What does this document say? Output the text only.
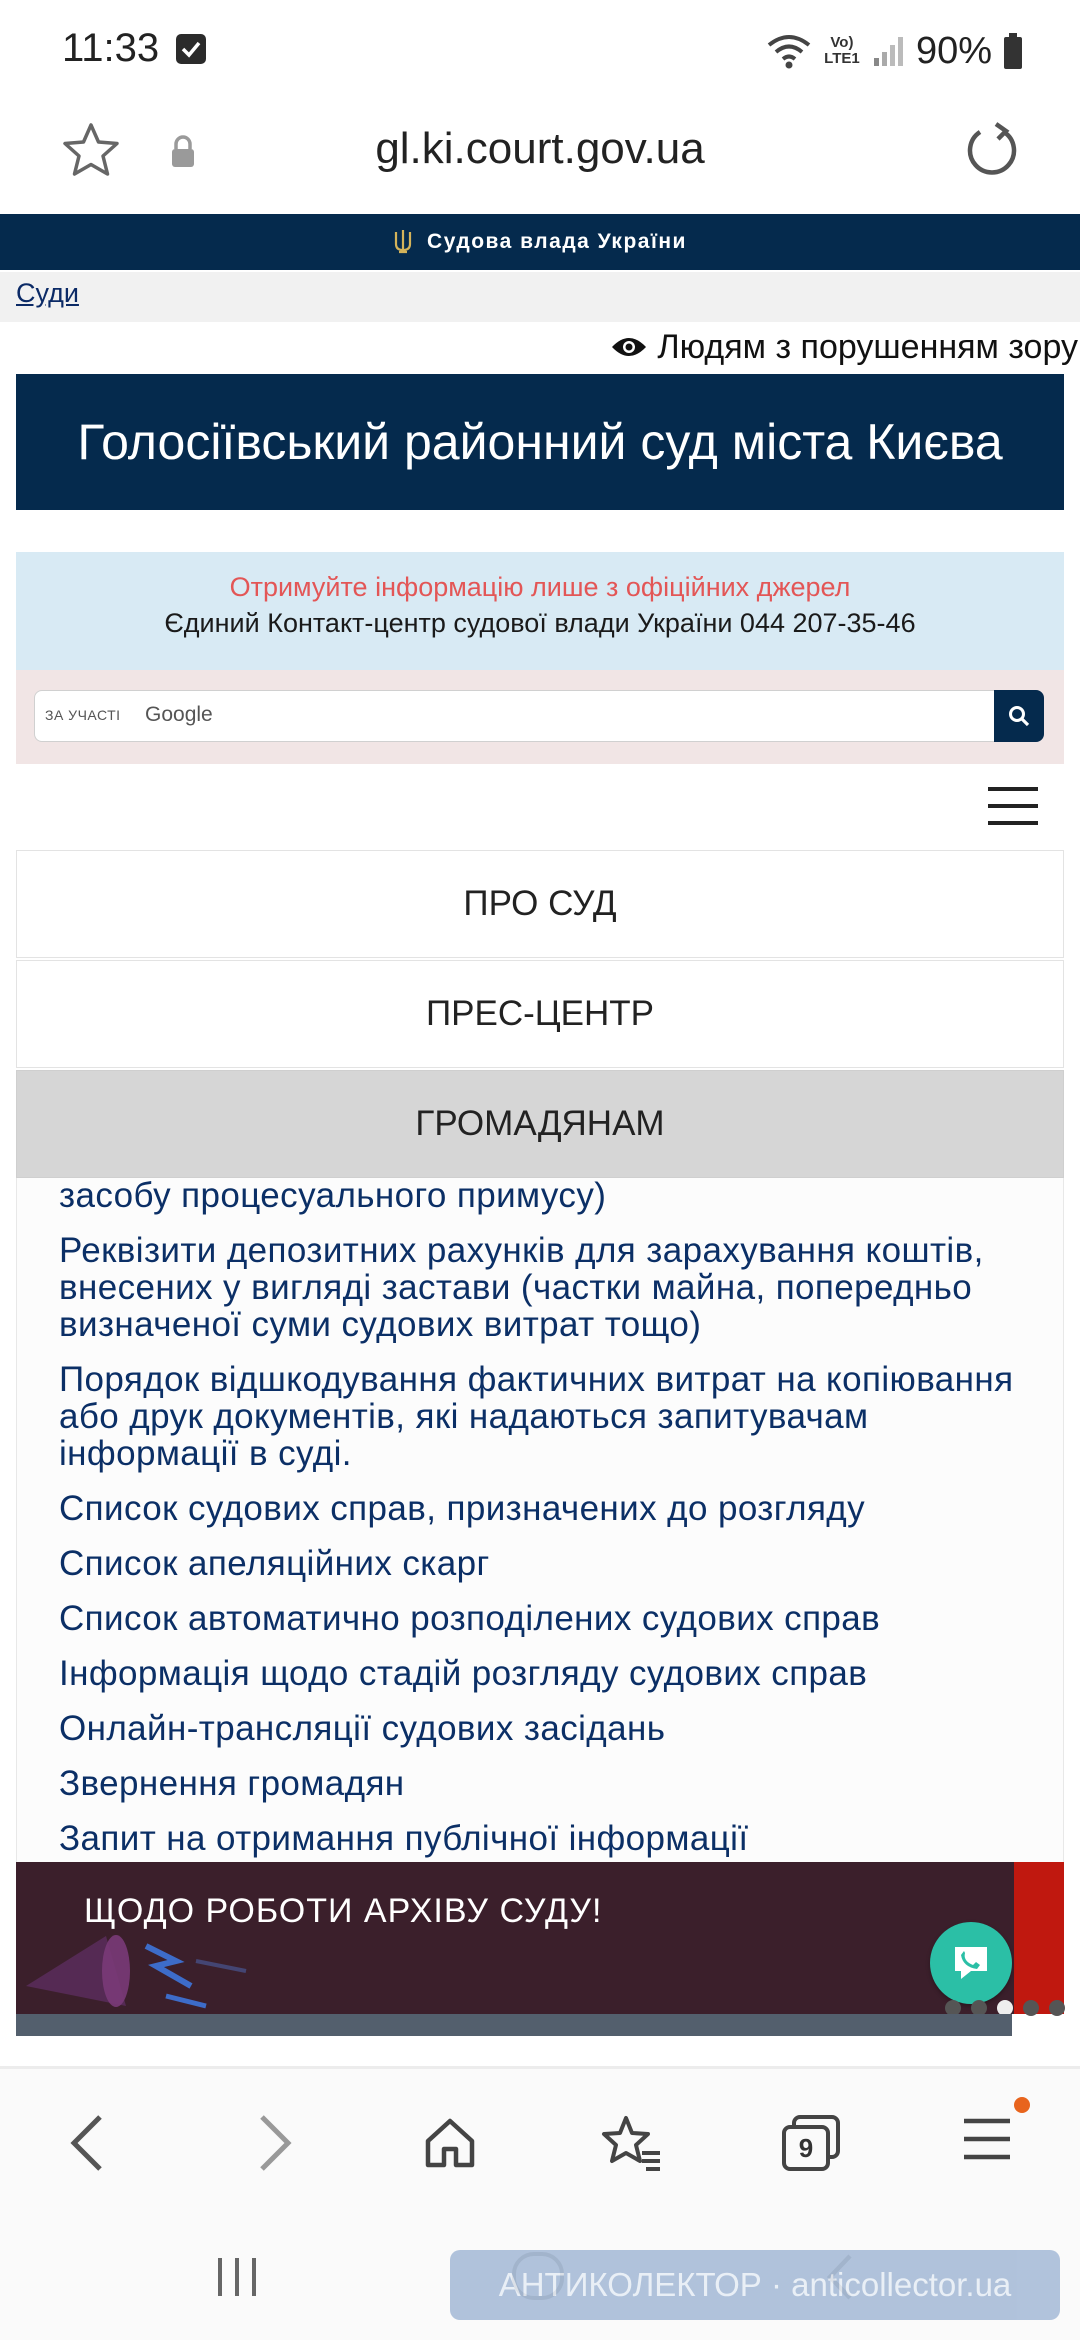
11:33	Vo) LTE1 90%
gl.ki.court.gov.ua
Судова влада України
Суди
Людям з порушенням зору
Голосіївський районний суд міста Києва
Отримуйте інформацію лише з офіційних джерел
Єдиний Контакт-центр судової влади України 044 207-35-46
ЗА УЧАСТІ Google
ПРО СУД
ПРЕС-ЦЕНТР
ГРОМАДЯНАМ
засобу процесуального примусу)
Реквізити депозитних рахунків для зарахування коштів, внесених у вигляді застави (частки майна, попередньо визначеної суми судових витрат тощо)
Порядок відшкодування фактичних витрат на копіювання або друк документів, які надаються запитувачам інформації в суді.
Список судових справ, призначених до розгляду
Список апеляційних скарг
Список автоматично розподілених судових справ
Інформація щодо стадій розгляду судових справ
Онлайн-трансляції судових засідань
Звернення громадян
Запит на отримання публічної інформації
ЩОДО РОБОТИ АРХІВУ СУДУ!
9
АНТИКОЛЕКТОР · anticollector.ua
